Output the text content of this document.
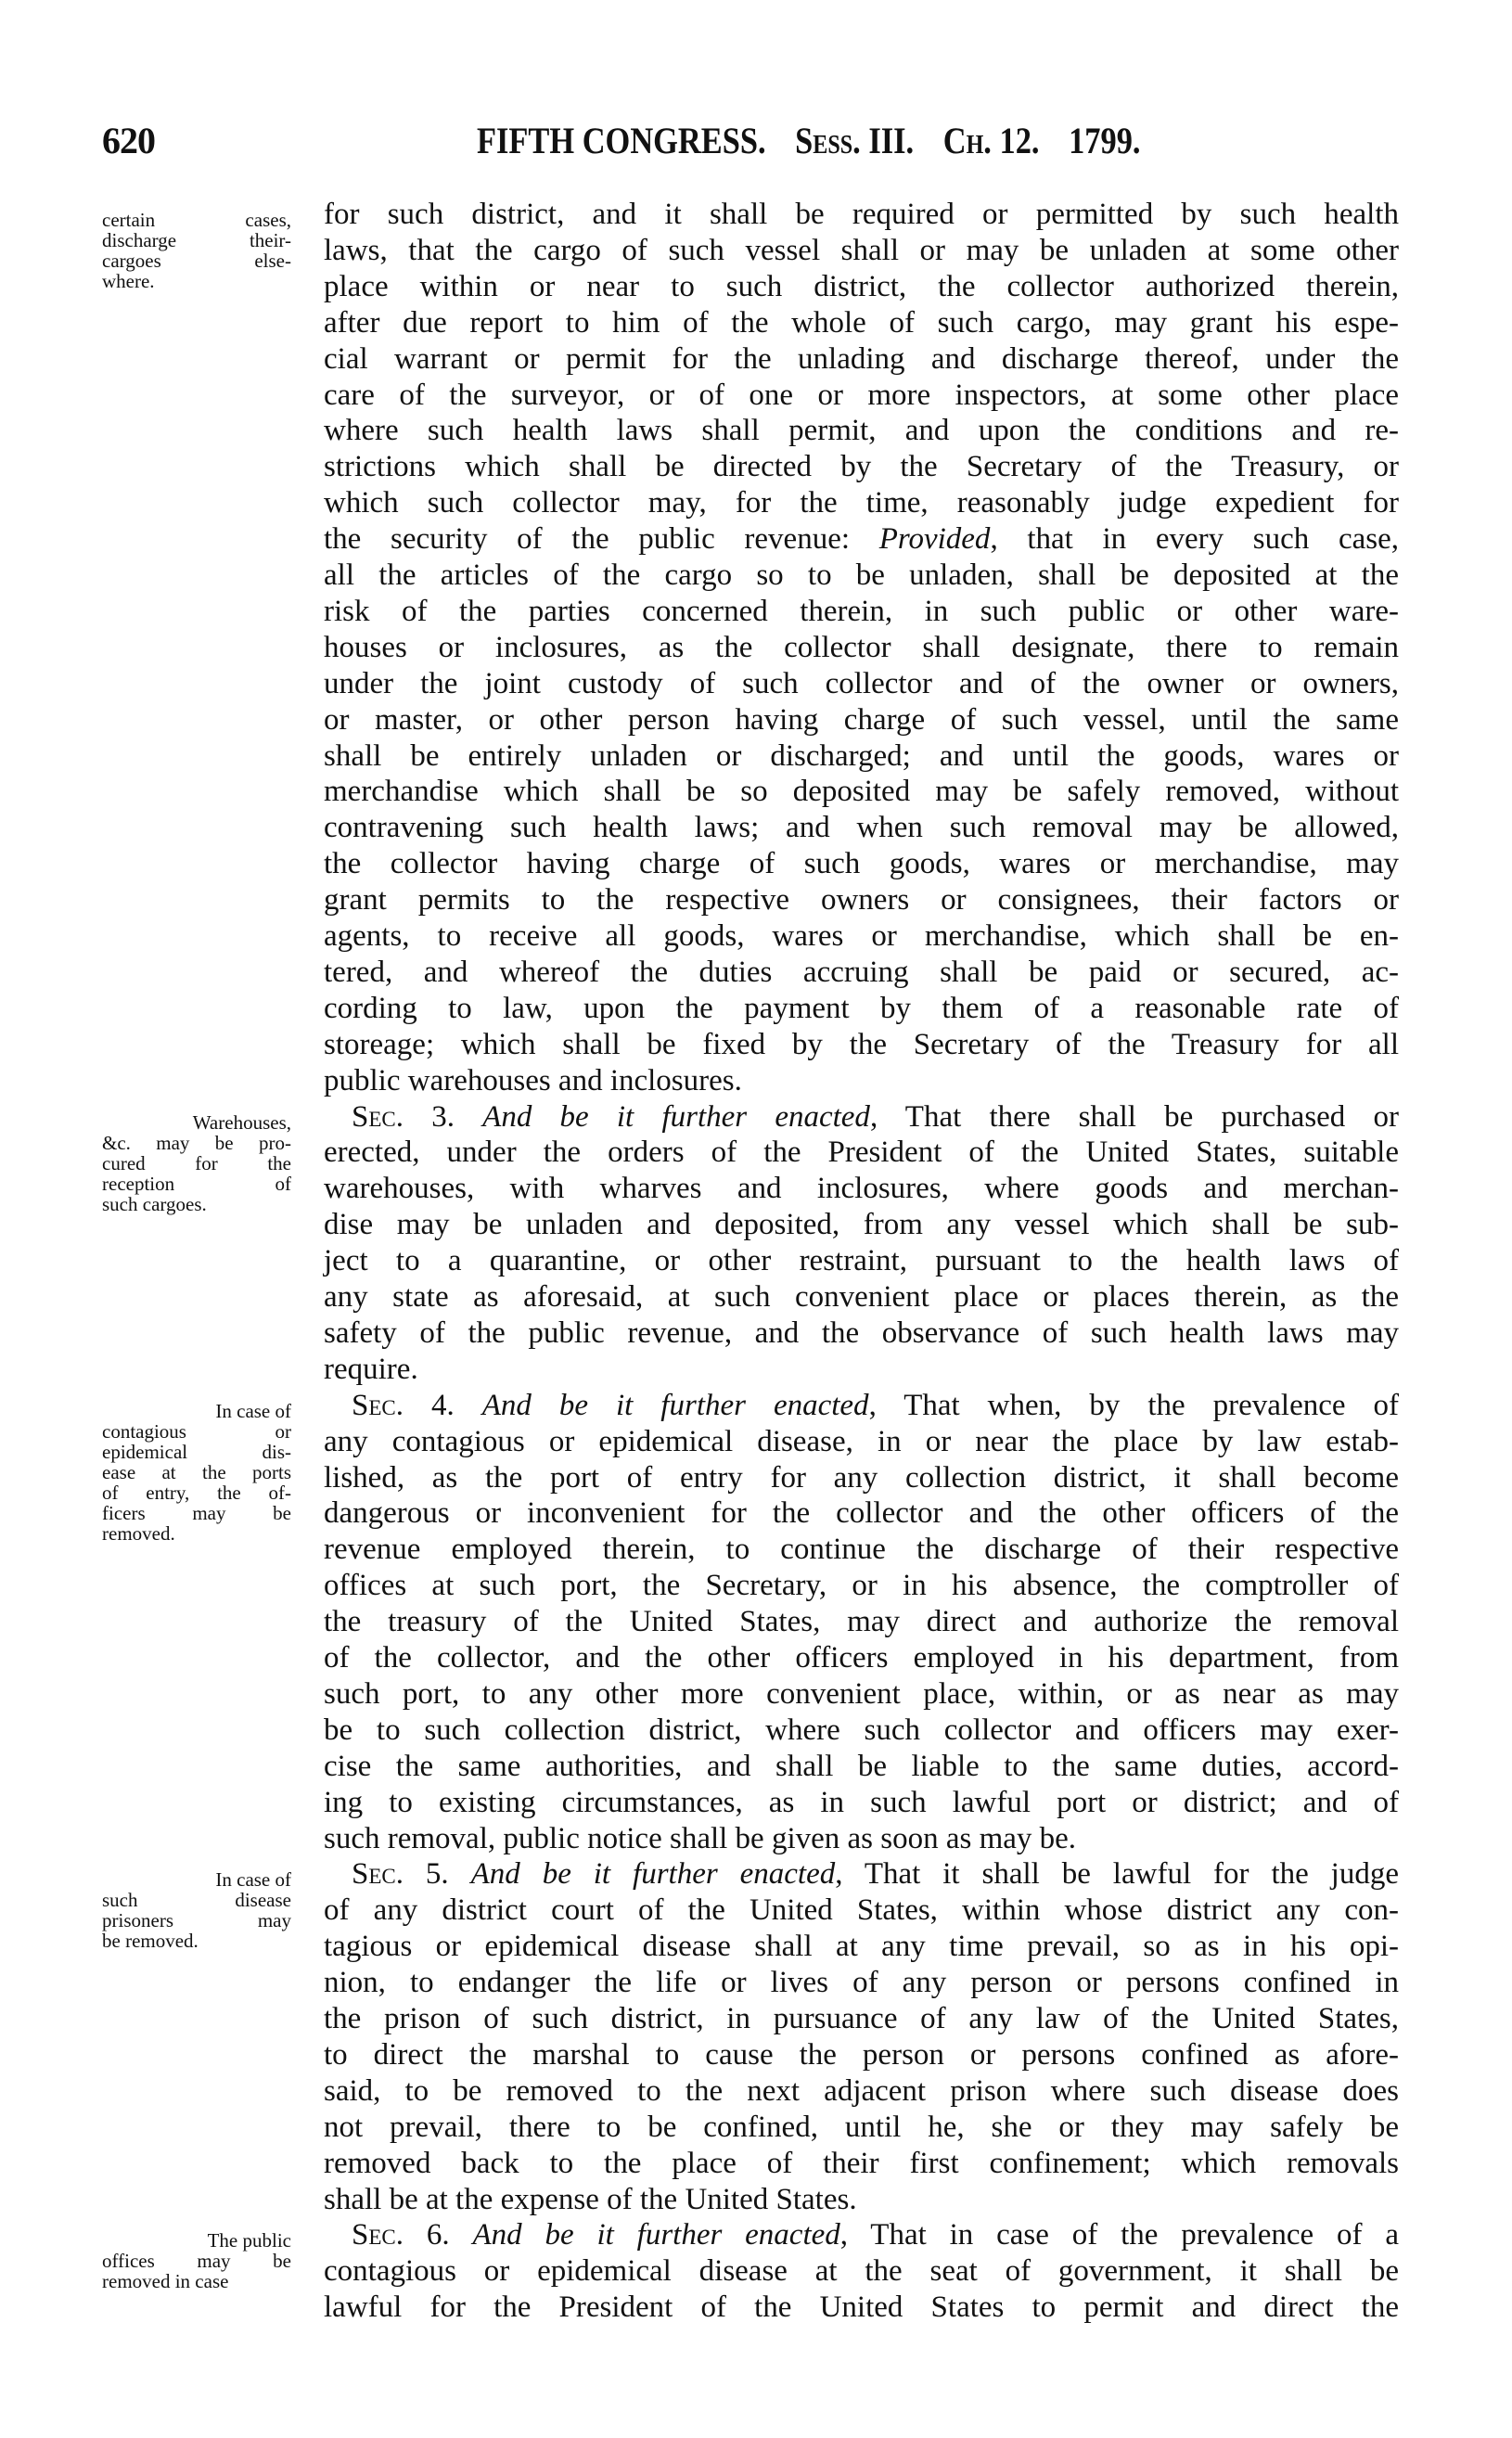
620	FIFTH CONGRESS. Sess. III. Ch. 12. 1799.
certain cases,
discharge their-
cargoes else-
where.
Warehouses,
&c. may be pro-
cured for the
reception of
such cargoes.
In case of
contagious or
epidemical dis-
ease at the ports
of entry, the of-
ficers may be
removed.
In case of
such disease
prisoners may
be removed.
The public
offices may be
removed in case
for such district, and it shall be required or permitted by such health
laws, that the cargo of such vessel shall or may be unladen at some other
place within or near to such district, the collector authorized therein,
after due report to him of the whole of such cargo, may grant his espe-
cial warrant or permit for the unlading and discharge thereof, under the
care of the surveyor, or of one or more inspectors, at some other place
where such health laws shall permit, and upon the conditions and re-
strictions which shall be directed by the Secretary of the Treasury, or
which such collector may, for the time, reasonably judge expedient for
the security of the public revenue: Provided, that in every such case,
all the articles of the cargo so to be unladen, shall be deposited at the
risk of the parties concerned therein, in such public or other ware-
houses or inclosures, as the collector shall designate, there to remain
under the joint custody of such collector and of the owner or owners,
or master, or other person having charge of such vessel, until the same
shall be entirely unladen or discharged; and until the goods, wares or
merchandise which shall be so deposited may be safely removed, without
contravening such health laws; and when such removal may be allowed,
the collector having charge of such goods, wares or merchandise, may
grant permits to the respective owners or consignees, their factors or
agents, to receive all goods, wares or merchandise, which shall be en-
tered, and whereof the duties accruing shall be paid or secured, ac-
cording to law, upon the payment by them of a reasonable rate of
storeage; which shall be fixed by the Secretary of the Treasury for all
public warehouses and inclosures.
Sec. 3. And be it further enacted, That there shall be purchased or
erected, under the orders of the President of the United States, suitable
warehouses, with wharves and inclosures, where goods and merchan-
dise may be unladen and deposited, from any vessel which shall be sub-
ject to a quarantine, or other restraint, pursuant to the health laws of
any state as aforesaid, at such convenient place or places therein, as the
safety of the public revenue, and the observance of such health laws may
require.
Sec. 4. And be it further enacted, That when, by the prevalence of
any contagious or epidemical disease, in or near the place by law estab-
lished, as the port of entry for any collection district, it shall become
dangerous or inconvenient for the collector and the other officers of the
revenue employed therein, to continue the discharge of their respective
offices at such port, the Secretary, or in his absence, the comptroller of
the treasury of the United States, may direct and authorize the removal
of the collector, and the other officers employed in his department, from
such port, to any other more convenient place, within, or as near as may
be to such collection district, where such collector and officers may exer-
cise the same authorities, and shall be liable to the same duties, accord-
ing to existing circumstances, as in such lawful port or district; and of
such removal, public notice shall be given as soon as may be.
Sec. 5. And be it further enacted, That it shall be lawful for the judge
of any district court of the United States, within whose district any con-
tagious or epidemical disease shall at any time prevail, so as in his opi-
nion, to endanger the life or lives of any person or persons confined in
the prison of such district, in pursuance of any law of the United States,
to direct the marshal to cause the person or persons confined as afore-
said, to be removed to the next adjacent prison where such disease does
not prevail, there to be confined, until he, she or they may safely be
removed back to the place of their first confinement; which removals
shall be at the expense of the United States.
Sec. 6. And be it further enacted, That in case of the prevalence of a
contagious or epidemical disease at the seat of government, it shall be
lawful for the President of the United States to permit and direct the
